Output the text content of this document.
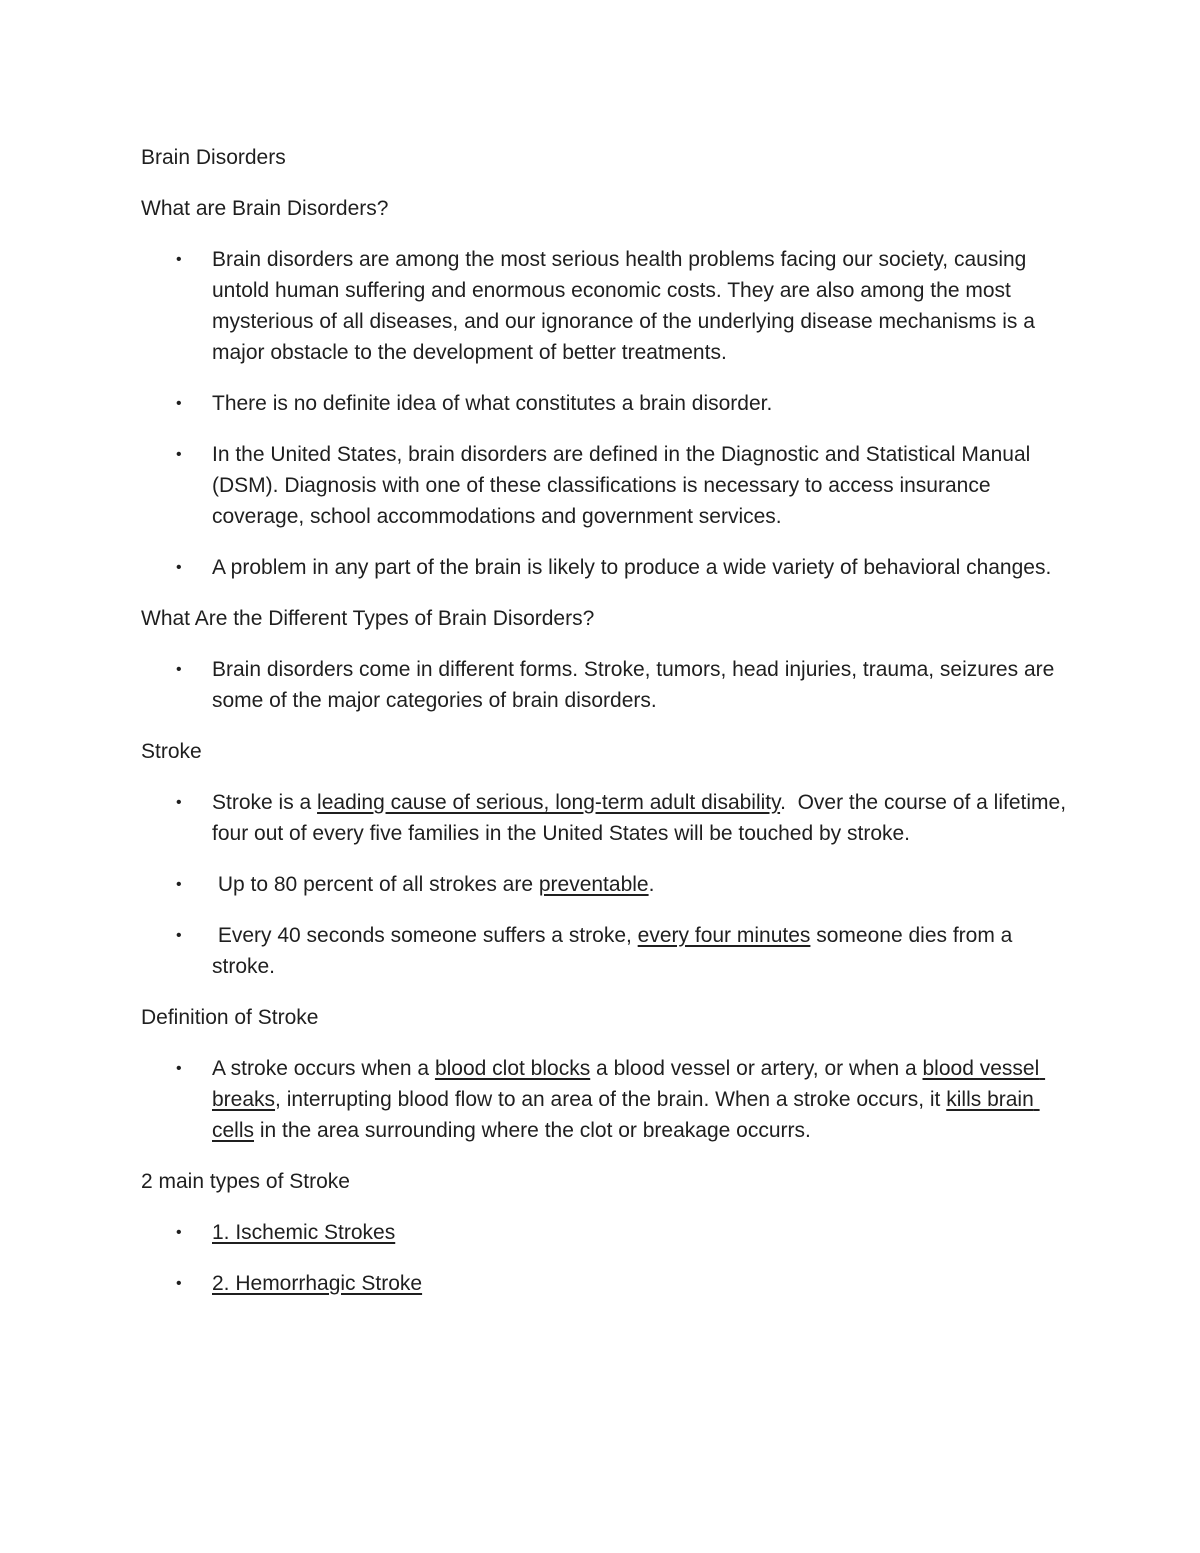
Brain Disorders

What are Brain Disorders?

• Brain disorders are among the most serious health problems facing our society, causing untold human suffering and enormous economic costs. They are also among the most mysterious of all diseases, and our ignorance of the underlying disease mechanisms is a major obstacle to the development of better treatments.
• There is no definite idea of what constitutes a brain disorder.
• In the United States, brain disorders are defined in the Diagnostic and Statistical Manual (DSM). Diagnosis with one of these classifications is necessary to access insurance coverage, school accommodations and government services.
• A problem in any part of the brain is likely to produce a wide variety of behavioral changes.

What Are the Different Types of Brain Disorders?

• Brain disorders come in different forms. Stroke, tumors, head injuries, trauma, seizures are some of the major categories of brain disorders.

Stroke

• Stroke is a leading cause of serious, long-term adult disability.  Over the course of a lifetime, four out of every five families in the United States will be touched by stroke.
• Up to 80 percent of all strokes are preventable.
• Every 40 seconds someone suffers a stroke, every four minutes someone dies from a stroke.

Definition of Stroke

• A stroke occurs when a blood clot blocks a blood vessel or artery, or when a blood vessel breaks, interrupting blood flow to an area of the brain. When a stroke occurs, it kills brain cells in the area surrounding where the clot or breakage occurrs.

2 main types of Stroke

• 1. Ischemic Strokes
• 2. Hemorrhagic Stroke
